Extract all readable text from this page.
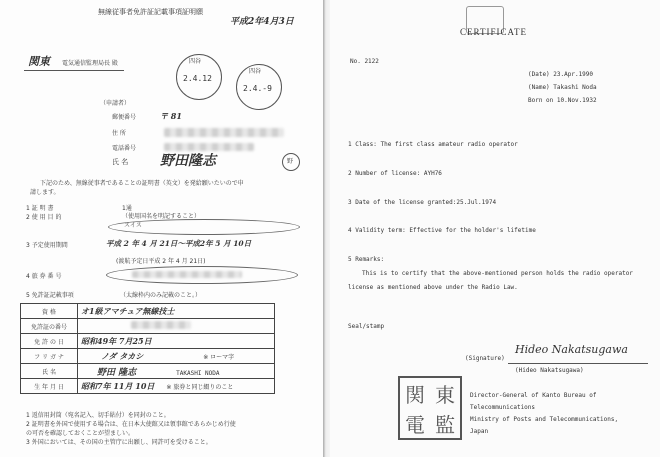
無線従事者免許証記載事項証明願
平成2年4月3日
関東 電気通信監理局長 殿	四谷
2.4.12
四谷
2.4.-9
（申請者）
郵便番号	〒 81
住 所
電話番号
氏 名 野田隆志	野
下記のため、無線従事者であることの証明書（英文）を発給願いたいので申
請します。
1 証 明 書	1通
2 使 用 目 的	（使用国名を明記すること）
スイス
3 予定使用期間	平成 2 年 4 月 21日～平成2年 5 月 10日
(渡航予定日平成 2 年 4 月 21日)
4 旅 券 番 号
5 免許証記載事項	（太線枠内のみ記載のこと。）
資 格	オ1級アマチュア無線技士
免許証の番号	
免 許 の 日	昭和49年 7月25日
フ リ ガ ナ	ノダ タカシ ※ ローマ字
氏 名	野田 隆志 TAKASHI NODA
生 年 月 日	昭和7年 11月 10日 ※ 旅券と同じ綴りのこと
1 返信用封筒（宛名記入、切手貼付）を同封のこと。
2 証明書を外国で使用する場合は、在日本大使館又は領事館であらかじめ行使
の可否を確認しておくことが望ましい。
3 外国においては、その国の主管庁に出願し、同許可を受けること。
CERTIFICATE
No. 2122
(Date) 23.Apr.1990
(Name) Takashi Noda
Born on 10.Nov.1932
1 Class: The first class amateur radio operator
2 Number of license: AYH76
3 Date of the license granted:25.Jul.1974
4 Validity term: Effective for the holder's lifetime
5 Remarks:
This is to certify that the above-mentioned person holds the radio operator
license as mentioned above under the Radio Law.
Seal/stamp
(Signature)
Hideo Nakatsugawa
(Hideo Nakatsugawa)
関 東
電 監
Director-General of Kanto Bureau of
Telecommunications
Ministry of Posts and Telecommunications,
Japan
